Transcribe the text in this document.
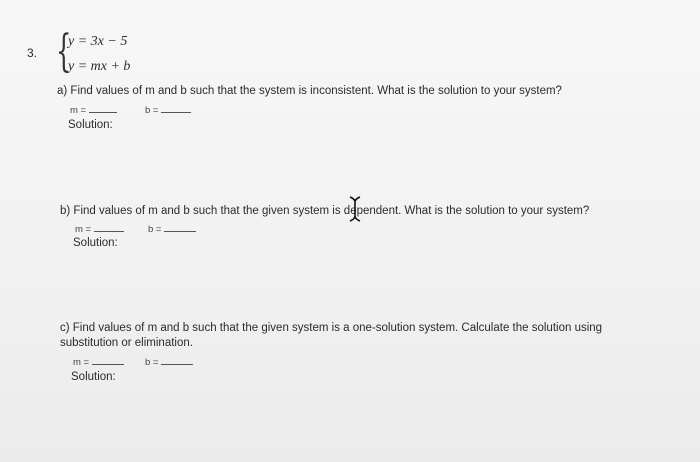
3. {
y = 3x − 5
y = mx + b
a) Find values of m and b such that the system is inconsistent. What is the solution to your system?
m =	b =
Solution:
b) Find values of m and b such that the given system is dependent. What is the solution to your system?
m =	b =
Solution:
c) Find values of m and b such that the given system is a one-solution system. Calculate the solution using substitution or elimination.
m =	b =
Solution:
